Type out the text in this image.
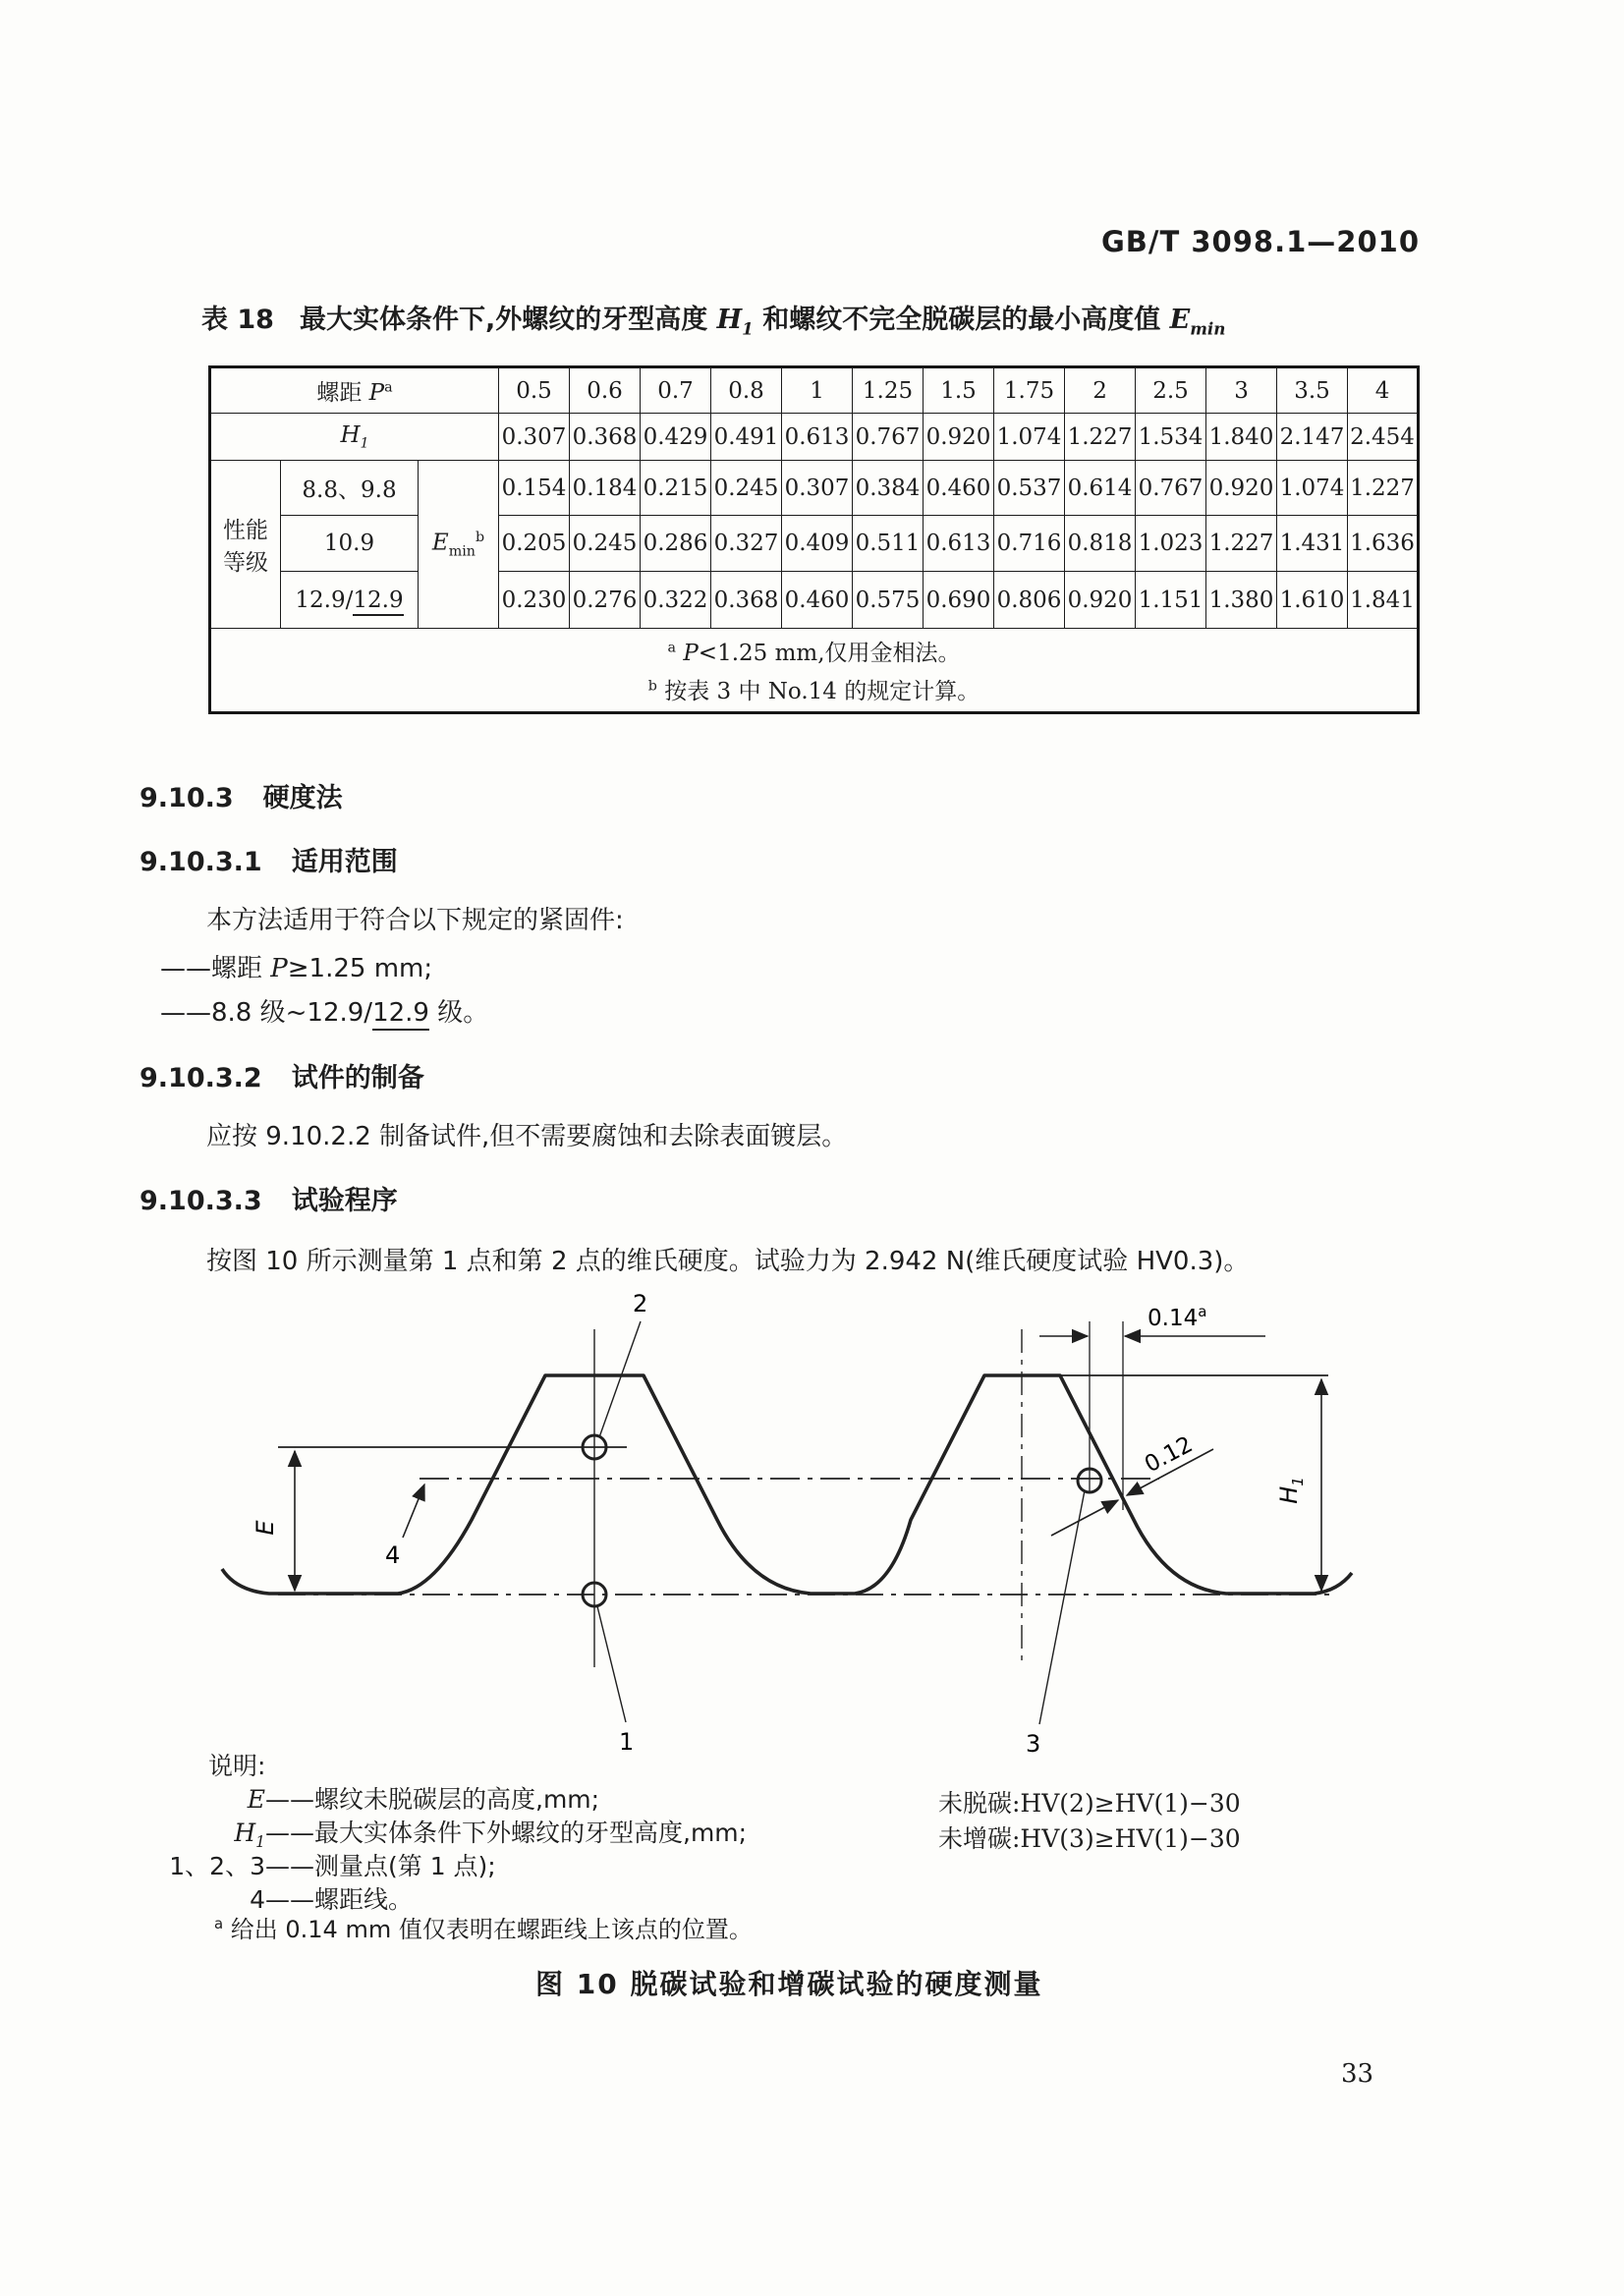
GB/T 3098.1—2010
表 18 最大实体条件下,外螺纹的牙型高度 $H_1$ 和螺纹不完全脱碳层的最小高度值 $E_{min}$
螺距 $P^a$			0.5	0.6	0.7	0.8	1	1.25	1.5	1.75	2	2.5	3	3.5	4
$H_1$			0.307	0.368	0.429	0.491	0.613	0.767	0.920	1.074	1.227	1.534	1.840	2.147	2.454

性能
等级	8.8、9.8	$E_{min}^b$	0.154	0.184	0.215	0.245	0.307	0.384	0.460	0.537	0.614	0.767	0.920	1.074	1.227
	10.9		0.205	0.245	0.286	0.327	0.409	0.511	0.613	0.716	0.818	1.023	1.227	1.431	1.636
	12.9/12.9		0.230	0.276	0.322	0.368	0.460	0.575	0.690	0.806	0.920	1.151	1.380	1.610	1.841

$^a$ P<1.25 mm,仅用金相法。
$^b$ 按表 3 中 No.14 的规定计算。															
9.10.3 硬度法
9.10.3.1 适用范围
本方法适用于符合以下规定的紧固件:
——螺距 P≥1.25 mm;
——8.8 级~12.9/12.9 级。
9.10.3.2 试件的制备
应按 9.10.2.2 制备试件,但不需要腐蚀和去除表面镀层。
9.10.3.3 试验程序
按图 10 所示测量第 1 点和第 2 点的维氏硬度。试验力为 2.942 N(维氏硬度试验 HV0.3)。
E
$H_1$
0.14$^a$
0.12
2
1	3
4
说明:
E——螺纹未脱碳层的高度,mm;
$H_1——$最大实体条件下外螺纹的牙型高度,mm;
1、2、3——测量点(第 1 点);
4——螺距线。
未脱碳:HV(2)≥HV(1)−30
未增碳:HV(3)≥HV(1)−30
$^a$ 给出 0.14 mm 值仅表明在螺距线上该点的位置。
图 10 脱碳试验和增碳试验的硬度测量
33
